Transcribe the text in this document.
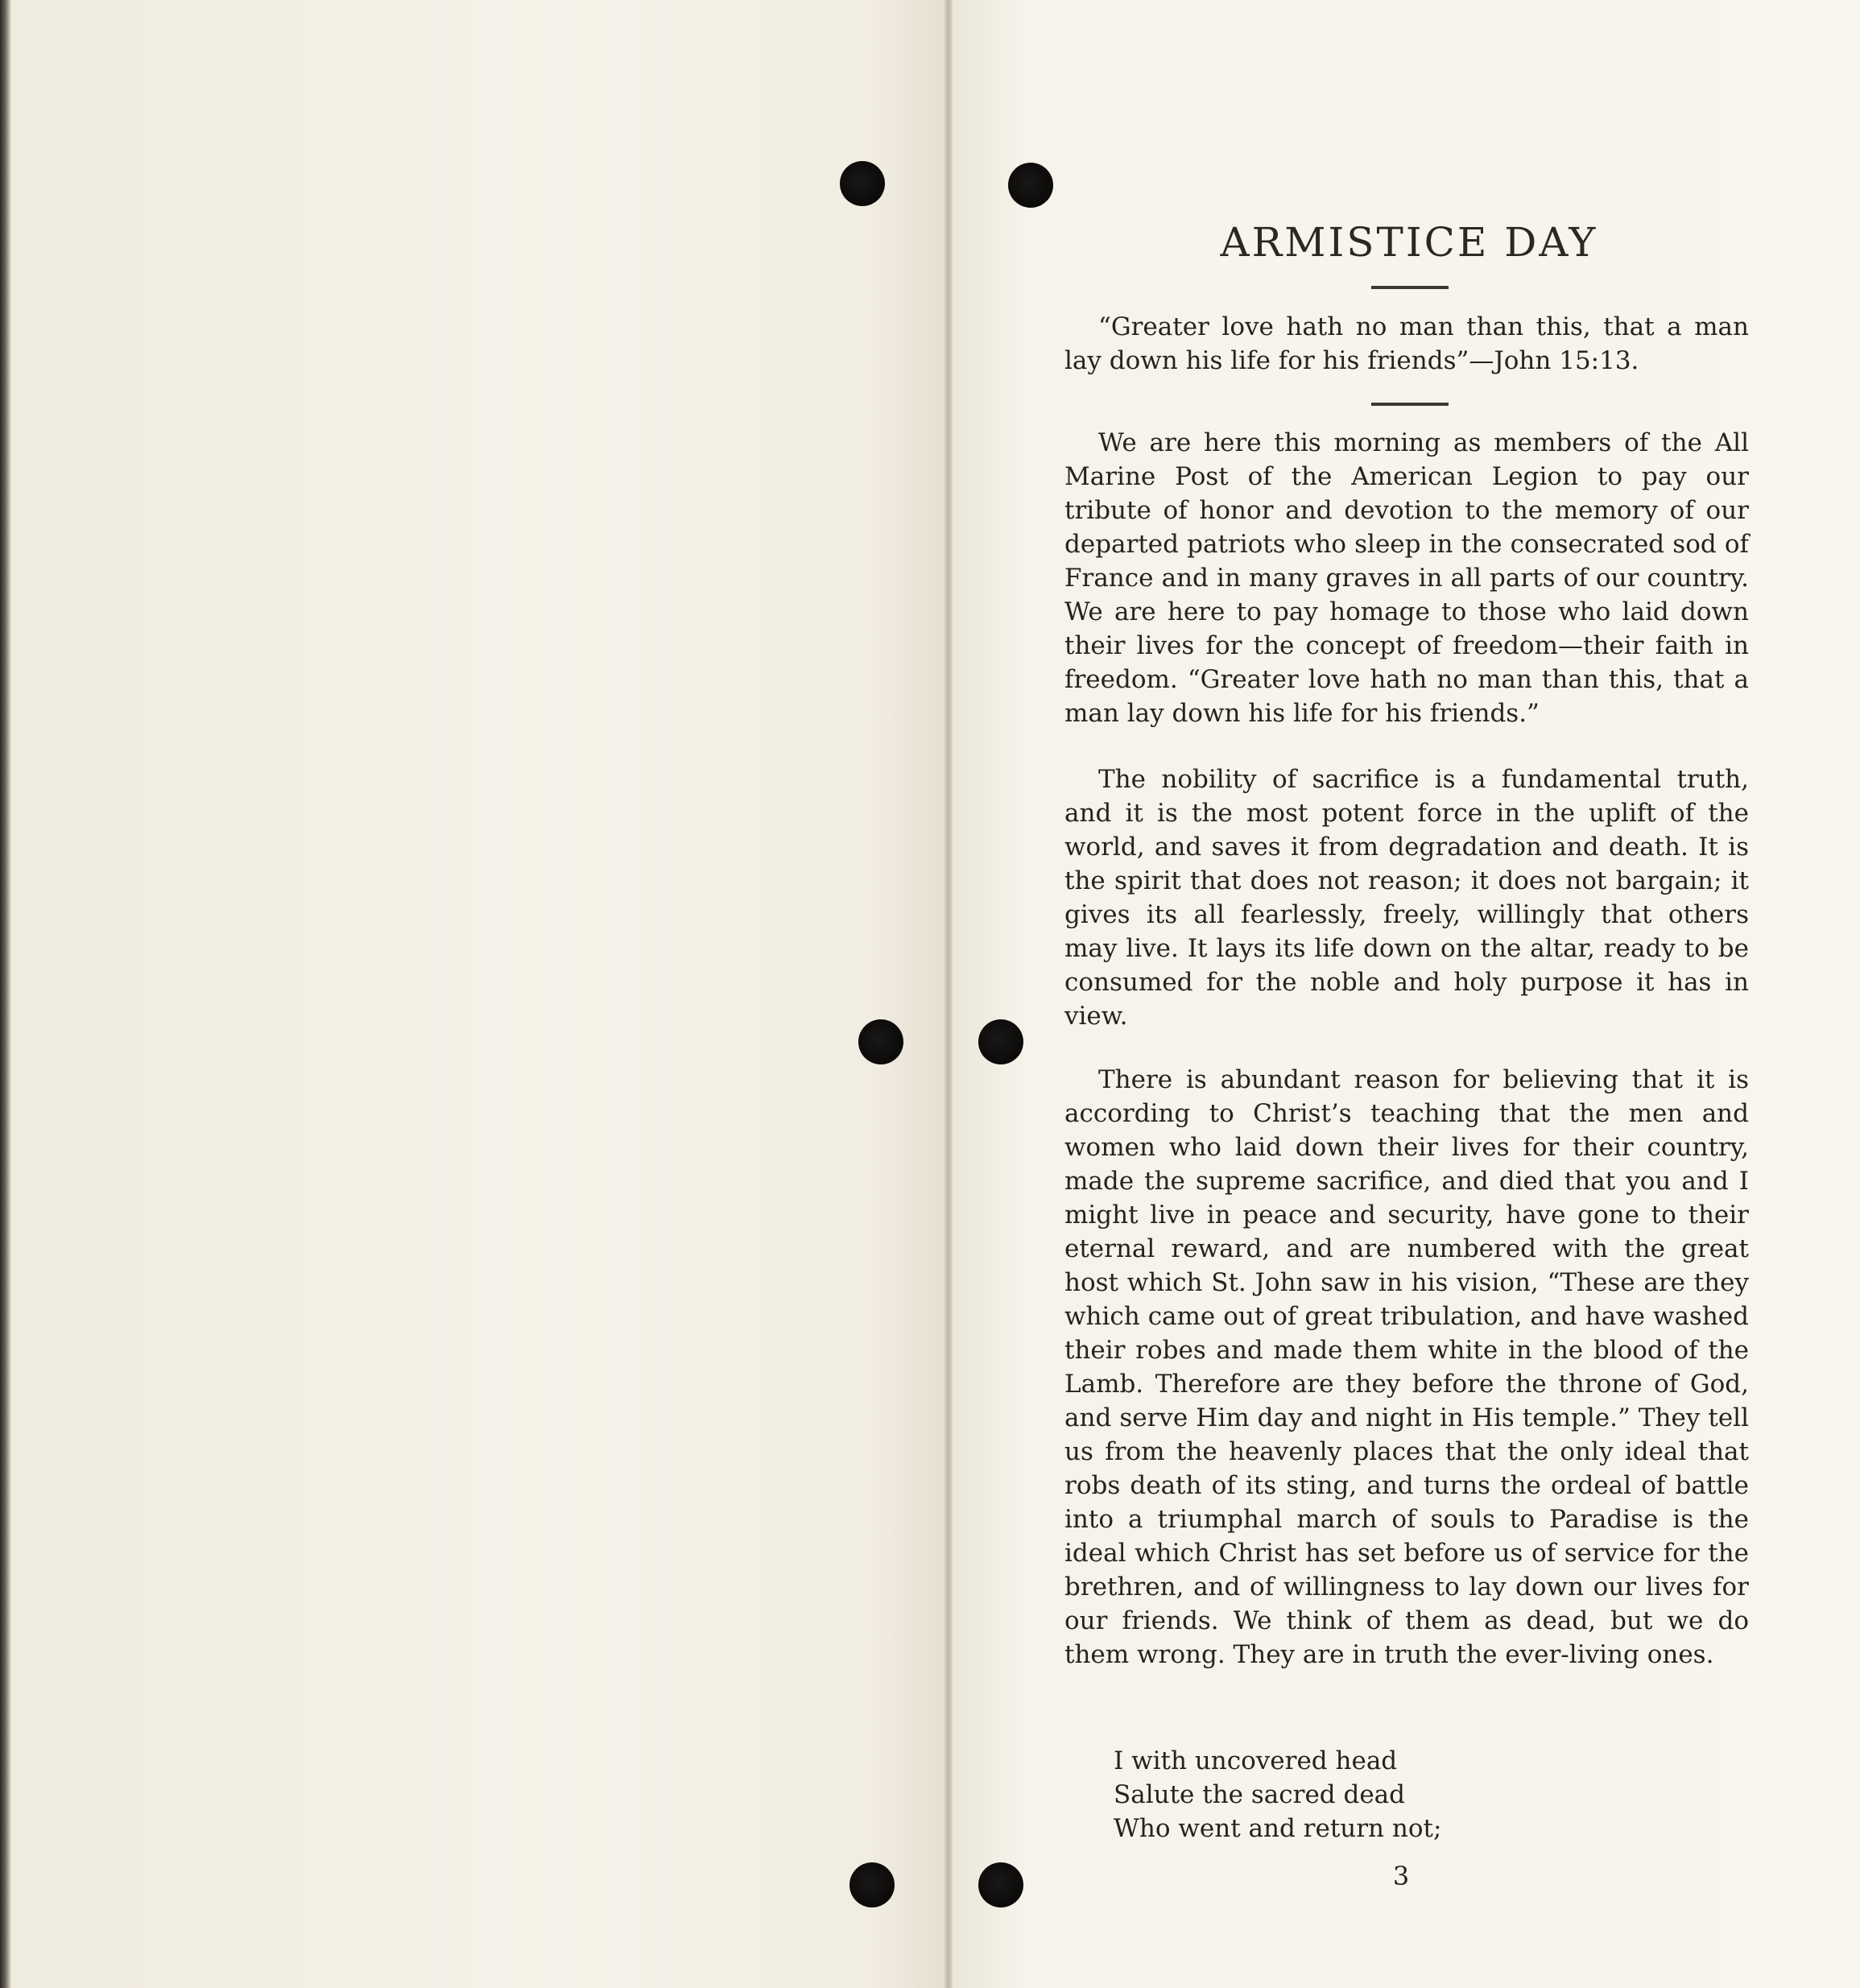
ARMISTICE DAY

“Greater love hath no man than this, that a man lay down his life for his friends”—John 15:13.

We are here this morning as members of the All Marine Post of the American Legion to pay our tribute of honor and devotion to the memory of our departed patriots who sleep in the consecrated sod of France and in many graves in all parts of our country. We are here to pay homage to those who laid down their lives for the concept of freedom—their faith in freedom. “Greater love hath no man than this, that a man lay down his life for his friends.”

The nobility of sacrifice is a fundamental truth, and it is the most potent force in the uplift of the world, and saves it from degradation and death. It is the spirit that does not reason; it does not bargain; it gives its all fearlessly, freely, willingly that others may live. It lays its life down on the altar, ready to be consumed for the noble and holy purpose it has in view.

There is abundant reason for believing that it is according to Christ’s teaching that the men and women who laid down their lives for their country, made the supreme sacrifice, and died that you and I might live in peace and security, have gone to their eternal reward, and are numbered with the great host which St. John saw in his vision, “These are they which came out of great tribulation, and have washed their robes and made them white in the blood of the Lamb. Therefore are they before the throne of God, and serve Him day and night in His temple.” They tell us from the heavenly places that the only ideal that robs death of its sting, and turns the ordeal of battle into a triumphal march of souls to Paradise is the ideal which Christ has set before us of service for the brethren, and of willingness to lay down our lives for our friends. We think of them as dead, but we do them wrong. They are in truth the ever-living ones.

I with uncovered head
Salute the sacred dead
Who went and return not;
3
